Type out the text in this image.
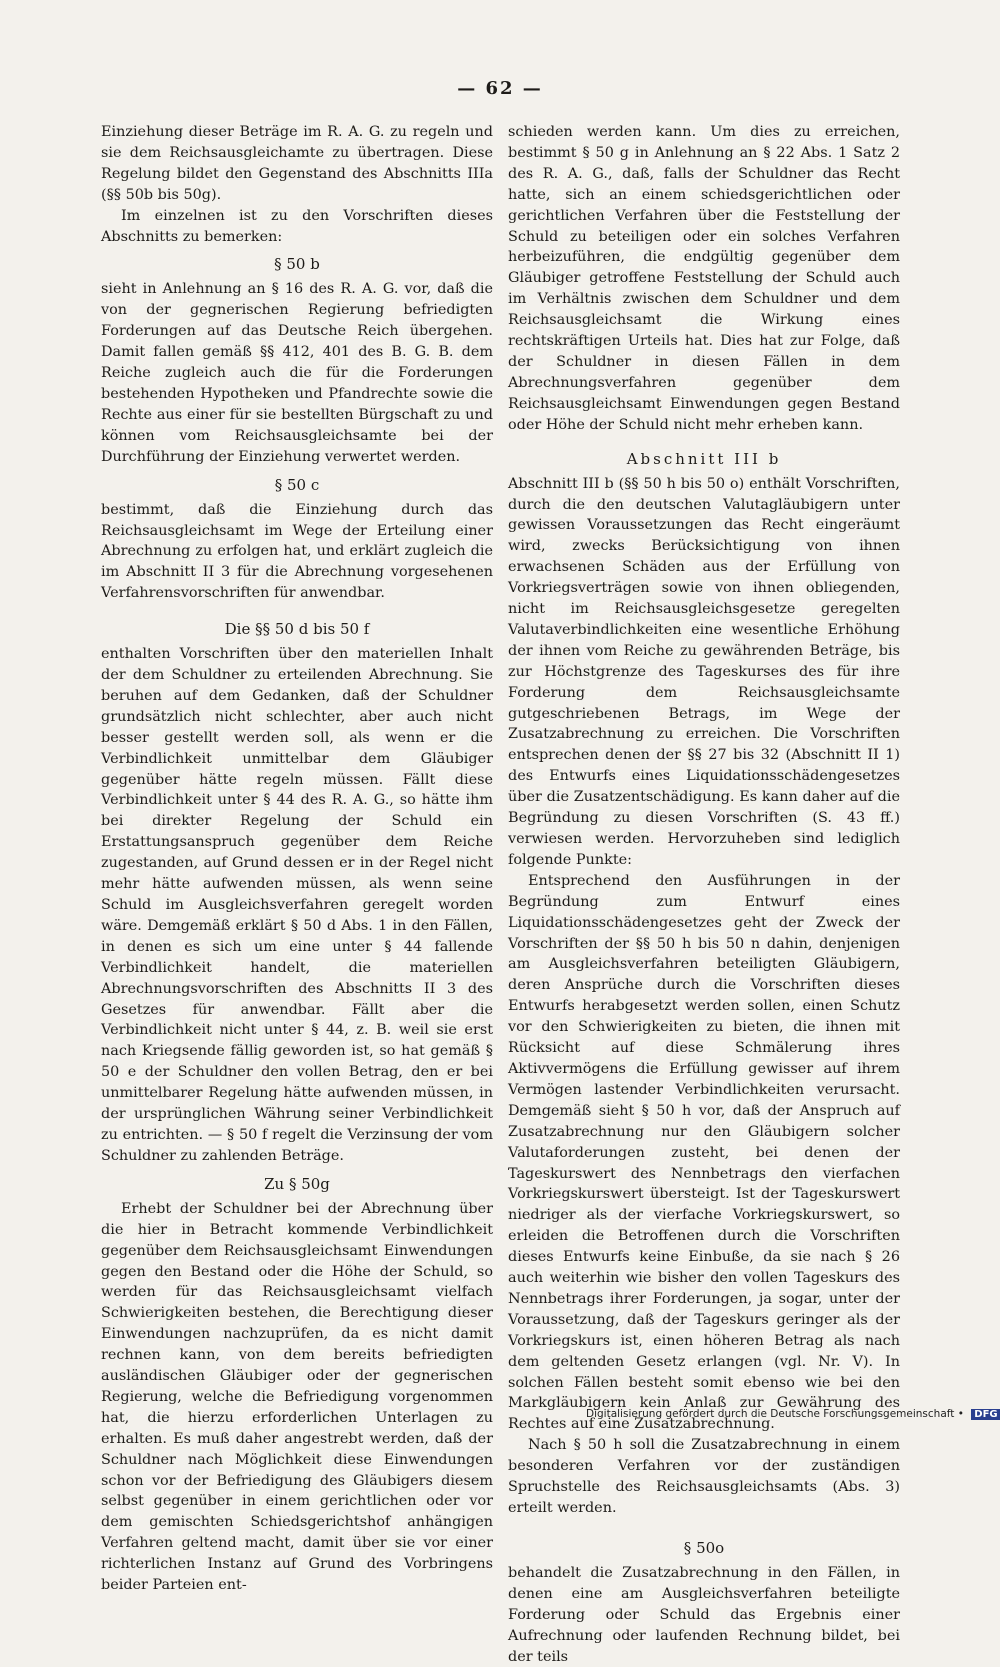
— 62 —

Einziehung dieser Beträge im R. A. G. zu regeln und sie dem Reichsausgleichamte zu übertragen. Diese Regelung bildet den Gegenstand des Abschnitts IIIa (§§ 50b bis 50g).

Im einzelnen ist zu den Vorschriften dieses Abschnitts zu bemerken:

§ 50 b

sieht in Anlehnung an § 16 des R. A. G. vor, daß die von der gegnerischen Regierung befriedigten Forderungen auf das Deutsche Reich übergehen. Damit fallen gemäß §§ 412, 401 des B. G. B. dem Reiche zugleich auch die für die Forderungen bestehenden Hypotheken und Pfandrechte sowie die Rechte aus einer für sie bestellten Bürgschaft zu und können vom Reichsausgleichsamte bei der Durchführung der Einziehung verwertet werden.

§ 50 c

bestimmt, daß die Einziehung durch das Reichsausgleichsamt im Wege der Erteilung einer Abrechnung zu erfolgen hat, und erklärt zugleich die im Abschnitt II 3 für die Abrechnung vorgesehenen Verfahrensvorschriften für anwendbar.

Die §§ 50 d bis 50 f

enthalten Vorschriften über den materiellen Inhalt der dem Schuldner zu erteilenden Abrechnung. Sie beruhen auf dem Gedanken, daß der Schuldner grundsätzlich nicht schlechter, aber auch nicht besser gestellt werden soll, als wenn er die Verbindlichkeit unmittelbar dem Gläubiger gegenüber hätte regeln müssen. Fällt diese Verbindlichkeit unter § 44 des R. A. G., so hätte ihm bei direkter Regelung der Schuld ein Erstattungsanspruch gegenüber dem Reiche zugestanden, auf Grund dessen er in der Regel nicht mehr hätte aufwenden müssen, als wenn seine Schuld im Ausgleichsverfahren geregelt worden wäre. Demgemäß erklärt § 50 d Abs. 1 in den Fällen, in denen es sich um eine unter § 44 fallende Verbindlichkeit handelt, die materiellen Abrechnungsvorschriften des Abschnitts II 3 des Gesetzes für anwendbar. Fällt aber die Verbindlichkeit nicht unter § 44, z. B. weil sie erst nach Kriegsende fällig geworden ist, so hat gemäß § 50 e der Schuldner den vollen Betrag, den er bei unmittelbarer Regelung hätte aufwenden müssen, in der ursprünglichen Währung seiner Verbindlichkeit zu entrichten. — § 50 f regelt die Verzinsung der vom Schuldner zu zahlenden Beträge.

Zu § 50g

Erhebt der Schuldner bei der Abrechnung über die hier in Betracht kommende Verbindlichkeit gegenüber dem Reichsausgleichsamt Einwendungen gegen den Bestand oder die Höhe der Schuld, so werden für das Reichsausgleichsamt vielfach Schwierigkeiten bestehen, die Berechtigung dieser Einwendungen nachzuprüfen, da es nicht damit rechnen kann, von dem bereits befriedigten ausländischen Gläubiger oder der gegnerischen Regierung, welche die Befriedigung vorgenommen hat, die hierzu erforderlichen Unterlagen zu erhalten. Es muß daher angestrebt werden, daß der Schuldner nach Möglichkeit diese Einwendungen schon vor der Befriedigung des Gläubigers diesem selbst gegenüber in einem gerichtlichen oder vor dem gemischten Schiedsgerichtshof anhängigen Verfahren geltend macht, damit über sie vor einer richterlichen Instanz auf Grund des Vorbringens beider Parteien ent-

schieden werden kann. Um dies zu erreichen, bestimmt § 50 g in Anlehnung an § 22 Abs. 1 Satz 2 des R. A. G., daß, falls der Schuldner das Recht hatte, sich an einem schiedsgerichtlichen oder gerichtlichen Verfahren über die Feststellung der Schuld zu beteiligen oder ein solches Verfahren herbeizuführen, die endgültig gegenüber dem Gläubiger getroffene Feststellung der Schuld auch im Verhältnis zwischen dem Schuldner und dem Reichsausgleichsamt die Wirkung eines rechtskräftigen Urteils hat. Dies hat zur Folge, daß der Schuldner in diesen Fällen in dem Abrechnungsverfahren gegenüber dem Reichsausgleichsamt Einwendungen gegen Bestand oder Höhe der Schuld nicht mehr erheben kann.

Abschnitt III b

Abschnitt III b (§§ 50 h bis 50 o) enthält Vorschriften, durch die den deutschen Valutagläubigern unter gewissen Voraussetzungen das Recht eingeräumt wird, zwecks Berücksichtigung von ihnen erwachsenen Schäden aus der Erfüllung von Vorkriegsverträgen sowie von ihnen obliegenden, nicht im Reichsausgleichsgesetze geregelten Valutaverbindlichkeiten eine wesentliche Erhöhung der ihnen vom Reiche zu gewährenden Beträge, bis zur Höchstgrenze des Tageskurses des für ihre Forderung dem Reichsausgleichsamte gutgeschriebenen Betrags, im Wege der Zusatzabrechnung zu erreichen. Die Vorschriften entsprechen denen der §§ 27 bis 32 (Abschnitt II 1) des Entwurfs eines Liquidationsschädengesetzes über die Zusatzentschädigung. Es kann daher auf die Begründung zu diesen Vorschriften (S. 43 ff.) verwiesen werden. Hervorzuheben sind lediglich folgende Punkte:

Entsprechend den Ausführungen in der Begründung zum Entwurf eines Liquidationsschädengesetzes geht der Zweck der Vorschriften der §§ 50 h bis 50 n dahin, denjenigen am Ausgleichsverfahren beteiligten Gläubigern, deren Ansprüche durch die Vorschriften dieses Entwurfs herabgesetzt werden sollen, einen Schutz vor den Schwierigkeiten zu bieten, die ihnen mit Rücksicht auf diese Schmälerung ihres Aktivvermögens die Erfüllung gewisser auf ihrem Vermögen lastender Verbindlichkeiten verursacht. Demgemäß sieht § 50 h vor, daß der Anspruch auf Zusatzabrechnung nur den Gläubigern solcher Valutaforderungen zusteht, bei denen der Tageskurswert des Nennbetrags den vierfachen Vorkriegskurswert übersteigt. Ist der Tageskurswert niedriger als der vierfache Vorkriegskurswert, so erleiden die Betroffenen durch die Vorschriften dieses Entwurfs keine Einbuße, da sie nach § 26 auch weiterhin wie bisher den vollen Tageskurs des Nennbetrags ihrer Forderungen, ja sogar, unter der Voraussetzung, daß der Tageskurs geringer als der Vorkriegskurs ist, einen höheren Betrag als nach dem geltenden Gesetz erlangen (vgl. Nr. V). In solchen Fällen besteht somit ebenso wie bei den Markgläubigern kein Anlaß zur Gewährung des Rechtes auf eine Zusatzabrechnung.

Nach § 50 h soll die Zusatzabrechnung in einem besonderen Verfahren vor der zuständigen Spruchstelle des Reichsausgleichsamts (Abs. 3) erteilt werden.

§ 50o

behandelt die Zusatzabrechnung in den Fällen, in denen eine am Ausgleichsverfahren beteiligte Forderung oder Schuld das Ergebnis einer Aufrechnung oder laufenden Rechnung bildet, bei der teils

Digitalisierung gefördert durch die Deutsche Forschungsgemeinschaft • DFG
